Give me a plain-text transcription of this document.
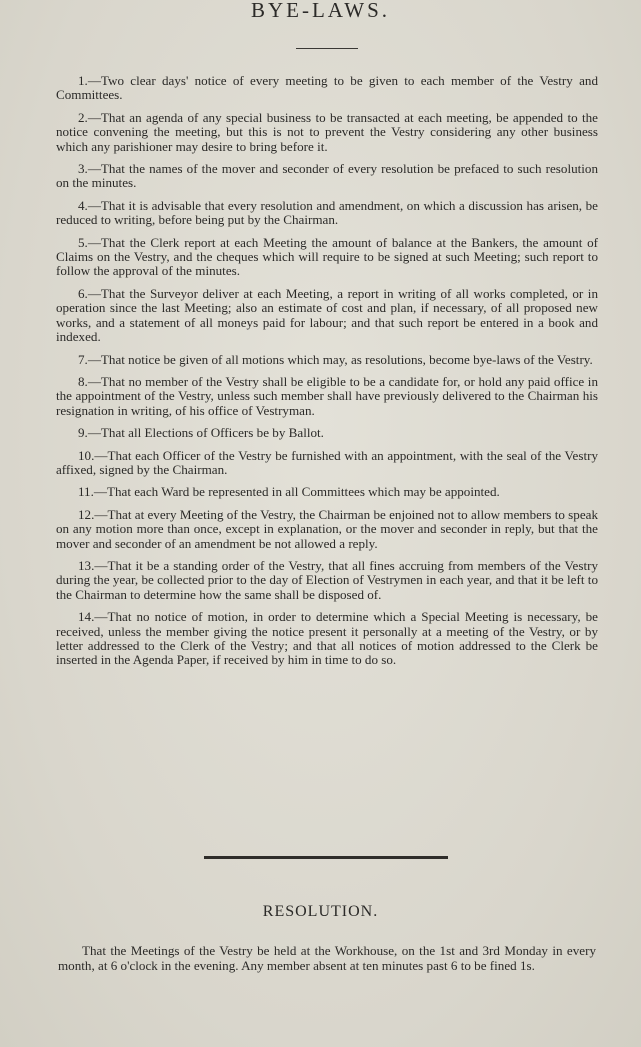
BYE-LAWS.

1.—Two clear days' notice of every meeting to be given to each member of the Vestry and Committees.

2.—That an agenda of any special business to be transacted at each meeting, be appended to the notice convening the meeting, but this is not to prevent the Vestry considering any other business which any parishioner may desire to bring before it.

3.—That the names of the mover and seconder of every resolution be prefaced to such resolution on the minutes.

4.—That it is advisable that every resolution and amendment, on which a discussion has arisen, be reduced to writing, before being put by the Chairman.

5.—That the Clerk report at each Meeting the amount of balance at the Bankers, the amount of Claims on the Vestry, and the cheques which will require to be signed at such Meeting; such report to follow the approval of the minutes.

6.—That the Surveyor deliver at each Meeting, a report in writing of all works completed, or in operation since the last Meeting; also an estimate of cost and plan, if necessary, of all proposed new works, and a statement of all moneys paid for labour; and that such report be entered in a book and indexed.

7.—That notice be given of all motions which may, as resolutions, become bye-laws of the Vestry.

8.—That no member of the Vestry shall be eligible to be a candidate for, or hold any paid office in the appointment of the Vestry, unless such member shall have previously delivered to the Chairman his resignation in writing, of his office of Vestryman.

9.—That all Elections of Officers be by Ballot.

10.—That each Officer of the Vestry be furnished with an appointment, with the seal of the Vestry affixed, signed by the Chairman.

11.—That each Ward be represented in all Committees which may be appointed.

12.—That at every Meeting of the Vestry, the Chairman be enjoined not to allow members to speak on any motion more than once, except in explanation, or the mover and seconder in reply, but that the mover and seconder of an amendment be not allowed a reply.

13.—That it be a standing order of the Vestry, that all fines accruing from members of the Vestry during the year, be collected prior to the day of Election of Vestrymen in each year, and that it be left to the Chairman to determine how the same shall be disposed of.

14.—That no notice of motion, in order to determine which a Special Meeting is necessary, be received, unless the member giving the notice present it personally at a meeting of the Vestry, or by letter addressed to the Clerk of the Vestry; and that all notices of motion addressed to the Clerk be inserted in the Agenda Paper, if received by him in time to do so.

RESOLUTION.

That the Meetings of the Vestry be held at the Workhouse, on the 1st and 3rd Monday in every month, at 6 o'clock in the evening. Any member absent at ten minutes past 6 to be fined 1s.
